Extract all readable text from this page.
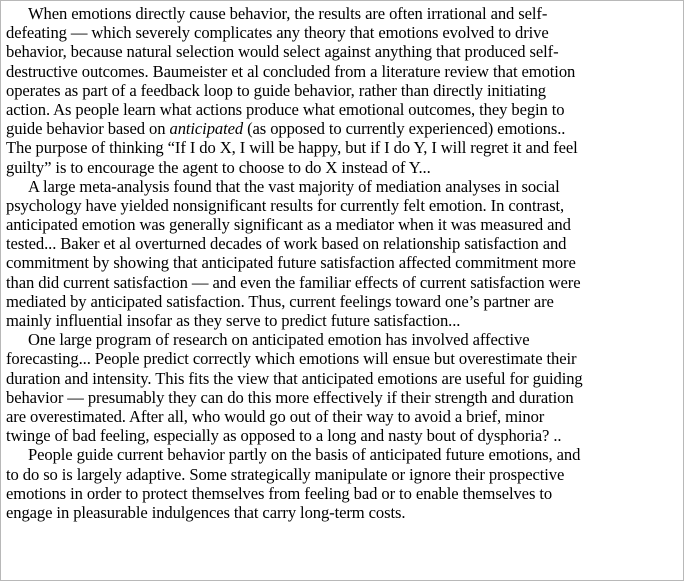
When emotions directly cause behavior, the results are often irrational and self-
defeating — which severely complicates any theory that emotions evolved to drive
behavior, because natural selection would select against anything that produced self-
destructive outcomes. Baumeister et al concluded from a literature review that emotion
operates as part of a feedback loop to guide behavior, rather than directly initiating
action. As people learn what actions produce what emotional outcomes, they begin to
guide behavior based on anticipated (as opposed to currently experienced) emotions..
The purpose of thinking “If I do X, I will be happy, but if I do Y, I will regret it and feel
guilty” is to encourage the agent to choose to do X instead of Y...
A large meta-analysis found that the vast majority of mediation analyses in social
psychology have yielded nonsignificant results for currently felt emotion. In contrast,
anticipated emotion was generally significant as a mediator when it was measured and
tested... Baker et al overturned decades of work based on relationship satisfaction and
commitment by showing that anticipated future satisfaction affected commitment more
than did current satisfaction — and even the familiar effects of current satisfaction were
mediated by anticipated satisfaction. Thus, current feelings toward one’s partner are
mainly influential insofar as they serve to predict future satisfaction...
One large program of research on anticipated emotion has involved affective
forecasting... People predict correctly which emotions will ensue but overestimate their
duration and intensity. This fits the view that anticipated emotions are useful for guiding
behavior — presumably they can do this more effectively if their strength and duration
are overestimated. After all, who would go out of their way to avoid a brief, minor
twinge of bad feeling, especially as opposed to a long and nasty bout of dysphoria? ..
People guide current behavior partly on the basis of anticipated future emotions, and
to do so is largely adaptive. Some strategically manipulate or ignore their prospective
emotions in order to protect themselves from feeling bad or to enable themselves to
engage in pleasurable indulgences that carry long-term costs.
